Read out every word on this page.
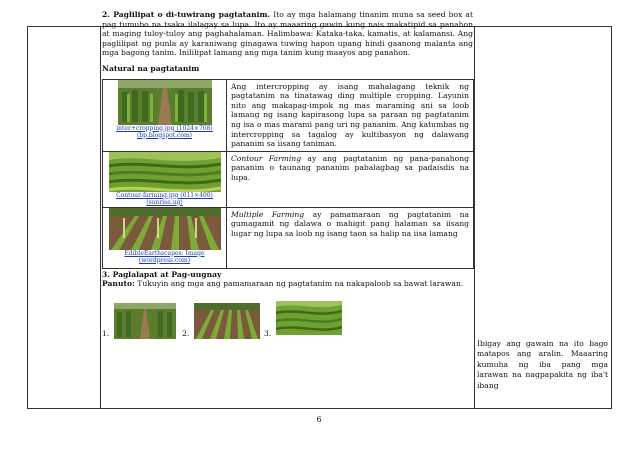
2. Paglilipat o di-tuwirang pagtatanim. Ito ay mga halamang tinanim muna sa seed box at pag tumubo na tsaka ilalagay sa lupa. Ito ay maaaring gawin kung nais makatipid sa panahon at maging tuloy-tuloy ang paghahalaman. Halimbawa: Kataka-taka, kamatis, at kalamansi. Ang paglilipat ng punla ay karaniwang ginagawa tuwing hapon upang hindi gaanong malanta ang mga bagong tanim. Inililipat lamang ang mga tanim kung maayos ang panahon.

Natural na pagtatanim

inter+cropping.jpg (1024×768)
(bp.blogspot.com)	Ang intercropping ay isang mahalagang teknik ng pagtatanim na tinatawag ding multiple cropping. Layunin nito ang makapag-impok ng mas maraming ani sa loob lamang ng isang kapirasong lupa sa paraan ng pagtatanim ng isa o mas marami pang uri ng pananim. Ang katumbas ng intercropping sa tagalog ay kultibasyon ng dalawang pananim sa iisang taniman.

Contour-farming.jpg (611×400)
(sunrise.ug)	Contour Farming ay ang pagtatanim ng pana-panahong pananim o taunang pananim pabalagbag sa padaisdis na lupa.

EdibleEarthscapes: Image
(wordpress.com)	Multiple Farming ay pamamaraan ng pagtatanim na gumagamit ng dalawa o mahigit pang halaman sa iisang lugar ng lupa sa loob ng isang taon sa halip na iisa lamang

3. Paglalapat at Pag-uugnay

Panuto: Tukuyin ang mga ang pamamaraan ng pagtatanim na nakapaloob sa bawat larawan.

1.	2.	3.
Ibigay ang gawain na ito bago matapos ang aralin. Maaaring kumuha ng iba pang mga larawan na nagpapakita ng iba't ibang
6
